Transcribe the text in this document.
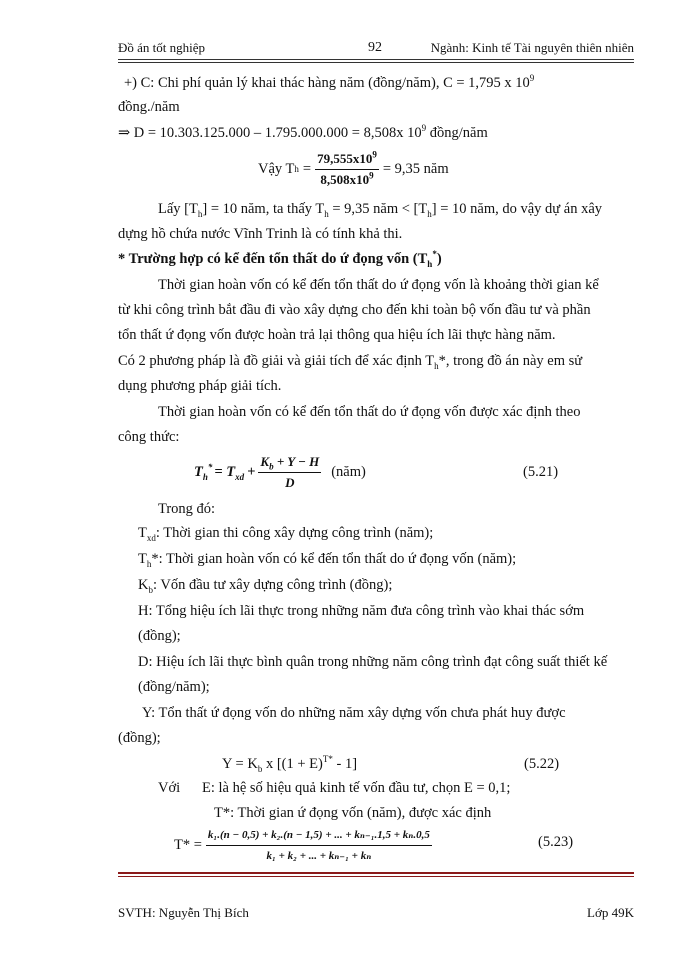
Đồ án tốt nghiệp	92	Ngành: Kinh tế Tài nguyên thiên nhiên
+) C: Chi phí quản lý khai thác hàng năm (đồng/năm), C = 1,795 x $10^9$
đồng./năm
⇒ D = 10.303.125.000 – 1.795.000.000 = 8,508x $10^9$ đồng/năm
Vậy T $h = \frac{79,555x10^9}{8,508x10^9} = 9,35$ năm
Lấy $[T_h] = 10$ năm, ta thấy $T_h = 9,35$ năm < $[T_h] = 10$ năm, do vậy dự án xây
dựng hồ chứa nước Vĩnh Trinh là có tính khả thi.
* Trường hợp có kể đến tổn thất do ứ đọng vốn $(T_h^*)$
Thời gian hoàn vốn có kể đến tổn thất do ứ đọng vốn là khoảng thời gian kể
từ khi công trình bắt đầu đi vào xây dựng cho đến khi toàn bộ vốn đầu tư và phần
tổn thất ứ đọng vốn được hoàn trả lại thông qua hiệu ích lãi thực hàng năm.
Có 2 phương pháp là đồ giải và giải tích để xác định $T_h*$, trong đồ án này em sử
dụng phương pháp giải tích.
Thời gian hoàn vốn có kể đến tổn thất do ứ đọng vốn được xác định theo
công thức:
$T_h^* = T_{xd} + \frac{K_b + Y - H}{D}$ (năm)	(5.21)
Trong đó:
$T_{xd}$: Thời gian thi công xây dựng công trình (năm);
$T_h*$: Thời gian hoàn vốn có kể đến tổn thất do ứ đọng vốn (năm);
$K_b$: Vốn đầu tư xây dựng công trình (đồng);
H: Tổng hiệu ích lãi thực trong những năm đưa công trình vào khai thác sớm
(đồng);
D: Hiệu ích lãi thực bình quân trong những năm công trình đạt công suất thiết kế
(đồng/năm);
Y: Tổn thất ứ đọng vốn do những năm xây dựng vốn chưa phát huy được
(đồng);
$Y = K_b$ x $[(1 + E)^{T*} - 1]$	(5.22)
Với E: là hệ số hiệu quả kinh tế vốn đầu tư, chọn E = 0,1;
T*: Thời gian ứ đọng vốn (năm), được xác định
$T* = \frac{\text{k₁.(n − 0,5) + k₂.(n − 1,5) + ... + kₙ₋₁.1,5 + kₙ.0,5}}{\text{k₁ + k₂ + ... + kₙ₋₁ + kₙ}}$	(5.23)
SVTH: Nguyễn Thị Bích	Lớp 49K
